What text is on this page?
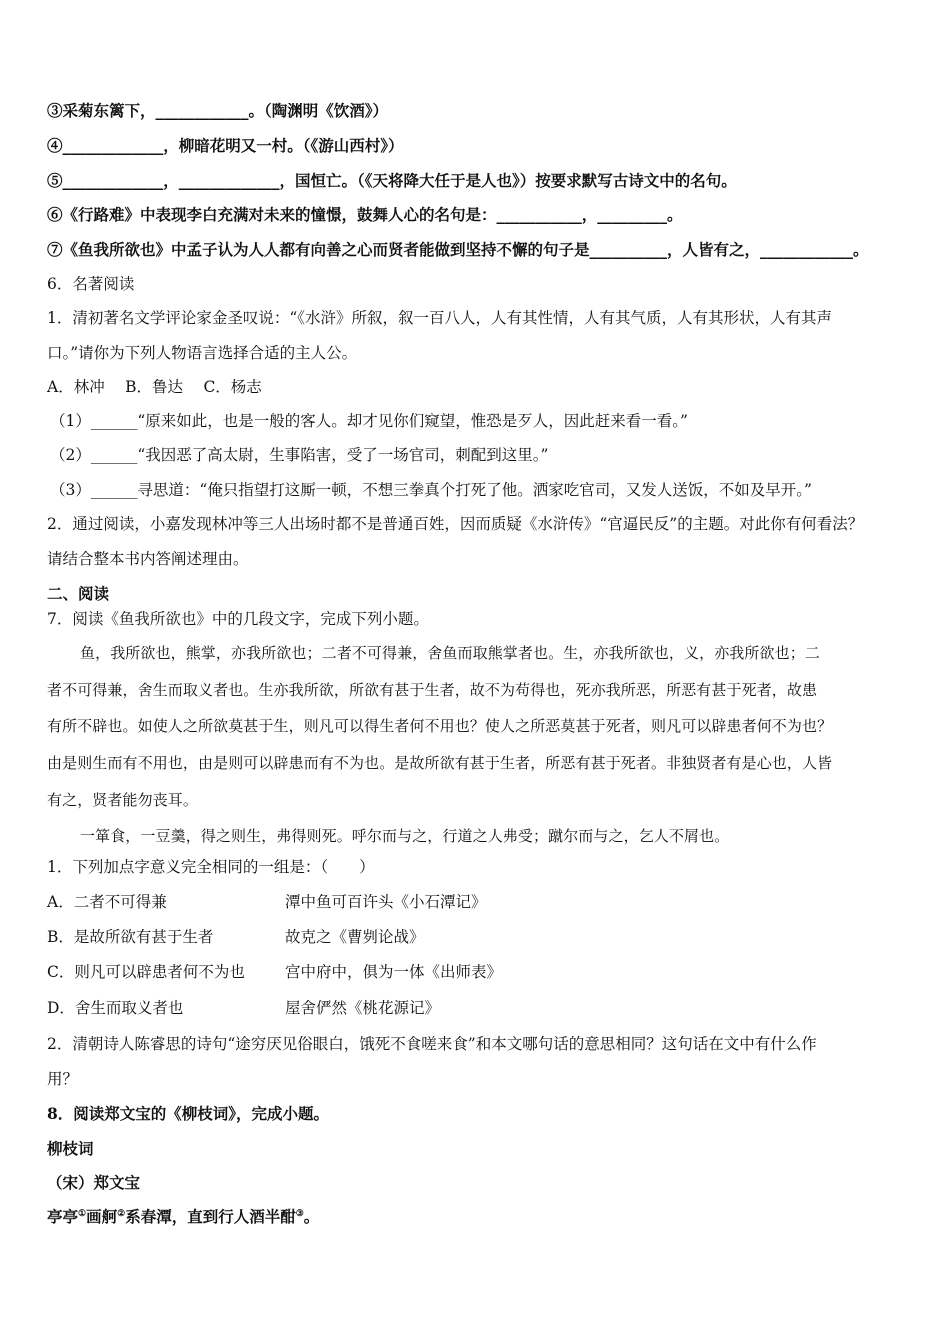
③采菊东篱下，____________。（陶渊明《饮酒》）
④_____________，柳暗花明又一村。（《游山西村》）
⑤_____________，_____________，国恒亡。（《天将降大任于是人也》）按要求默写古诗文中的名句。
⑥《行路难》中表现李白充满对未来的憧憬，鼓舞人心的名句是：___________，_________。
⑦《鱼我所欲也》中孟子认为人人都有向善之心而贤者能做到坚持不懈的句子是__________，人皆有之，____________。
6．名著阅读
1．清初著名文学评论家金圣叹说：“《水浒》所叙，叙一百八人，人有其性情，人有其气质，人有其形状，人有其声
口。”请你为下列人物语言选择合适的主人公。
A．林冲　 B．鲁达　 C．杨志
（1）______“原来如此，也是一般的客人。却才见你们窥望，惟恐是歹人，因此赶来看一看。”
（2）______“我因恶了高太尉，生事陷害，受了一场官司，刺配到这里。”
（3）______寻思道：“俺只指望打这厮一顿，不想三拳真个打死了他。洒家吃官司，又发人送饭，不如及早开。”
2．通过阅读，小嘉发现林冲等三人出场时都不是普通百姓，因而质疑《水浒传》“官逼民反”的主题。对此你有何看法？
请结合整本书内答阐述理由。
二、阅读
7．阅读《鱼我所欲也》中的几段文字，完成下列小题。
鱼，我所欲也，熊掌，亦我所欲也；二者不可得兼，舍鱼而取熊掌者也。生，亦我所欲也，义，亦我所欲也；二
者不可得兼，舍生而取义者也。生亦我所欲，所欲有甚于生者，故不为苟得也，死亦我所恶，所恶有甚于死者，故患
有所不辟也。如使人之所欲莫甚于生，则凡可以得生者何不用也？使人之所恶莫甚于死者，则凡可以辟患者何不为也？
由是则生而有不用也，由是则可以辟患而有不为也。是故所欲有甚于生者，所恶有甚于死者。非独贤者有是心也，人皆
有之，贤者能勿丧耳。
一箪食，一豆羹，得之则生，弗得则死。呼尔而与之，行道之人弗受；蹴尔而与之，乞人不屑也。
1．下列加点字意义完全相同的一组是：（　　）
A．二者不可得兼	潭中鱼可百许头《小石潭记》
B．是故所欲有甚于生者	故克之《曹刿论战》
C．则凡可以辟患者何不为也	宫中府中，俱为一体《出师表》
D．舍生而取义者也	屋舍俨然《桃花源记》
2．清朝诗人陈睿思的诗句“途穷厌见俗眼白，饿死不食嗟来食”和本文哪句话的意思相同？这句话在文中有什么作
用？
8．阅读郑文宝的《柳枝词》，完成小题。
柳枝词
（宋）郑文宝
亭亭①画舸②系春潭，直到行人酒半酣③。
